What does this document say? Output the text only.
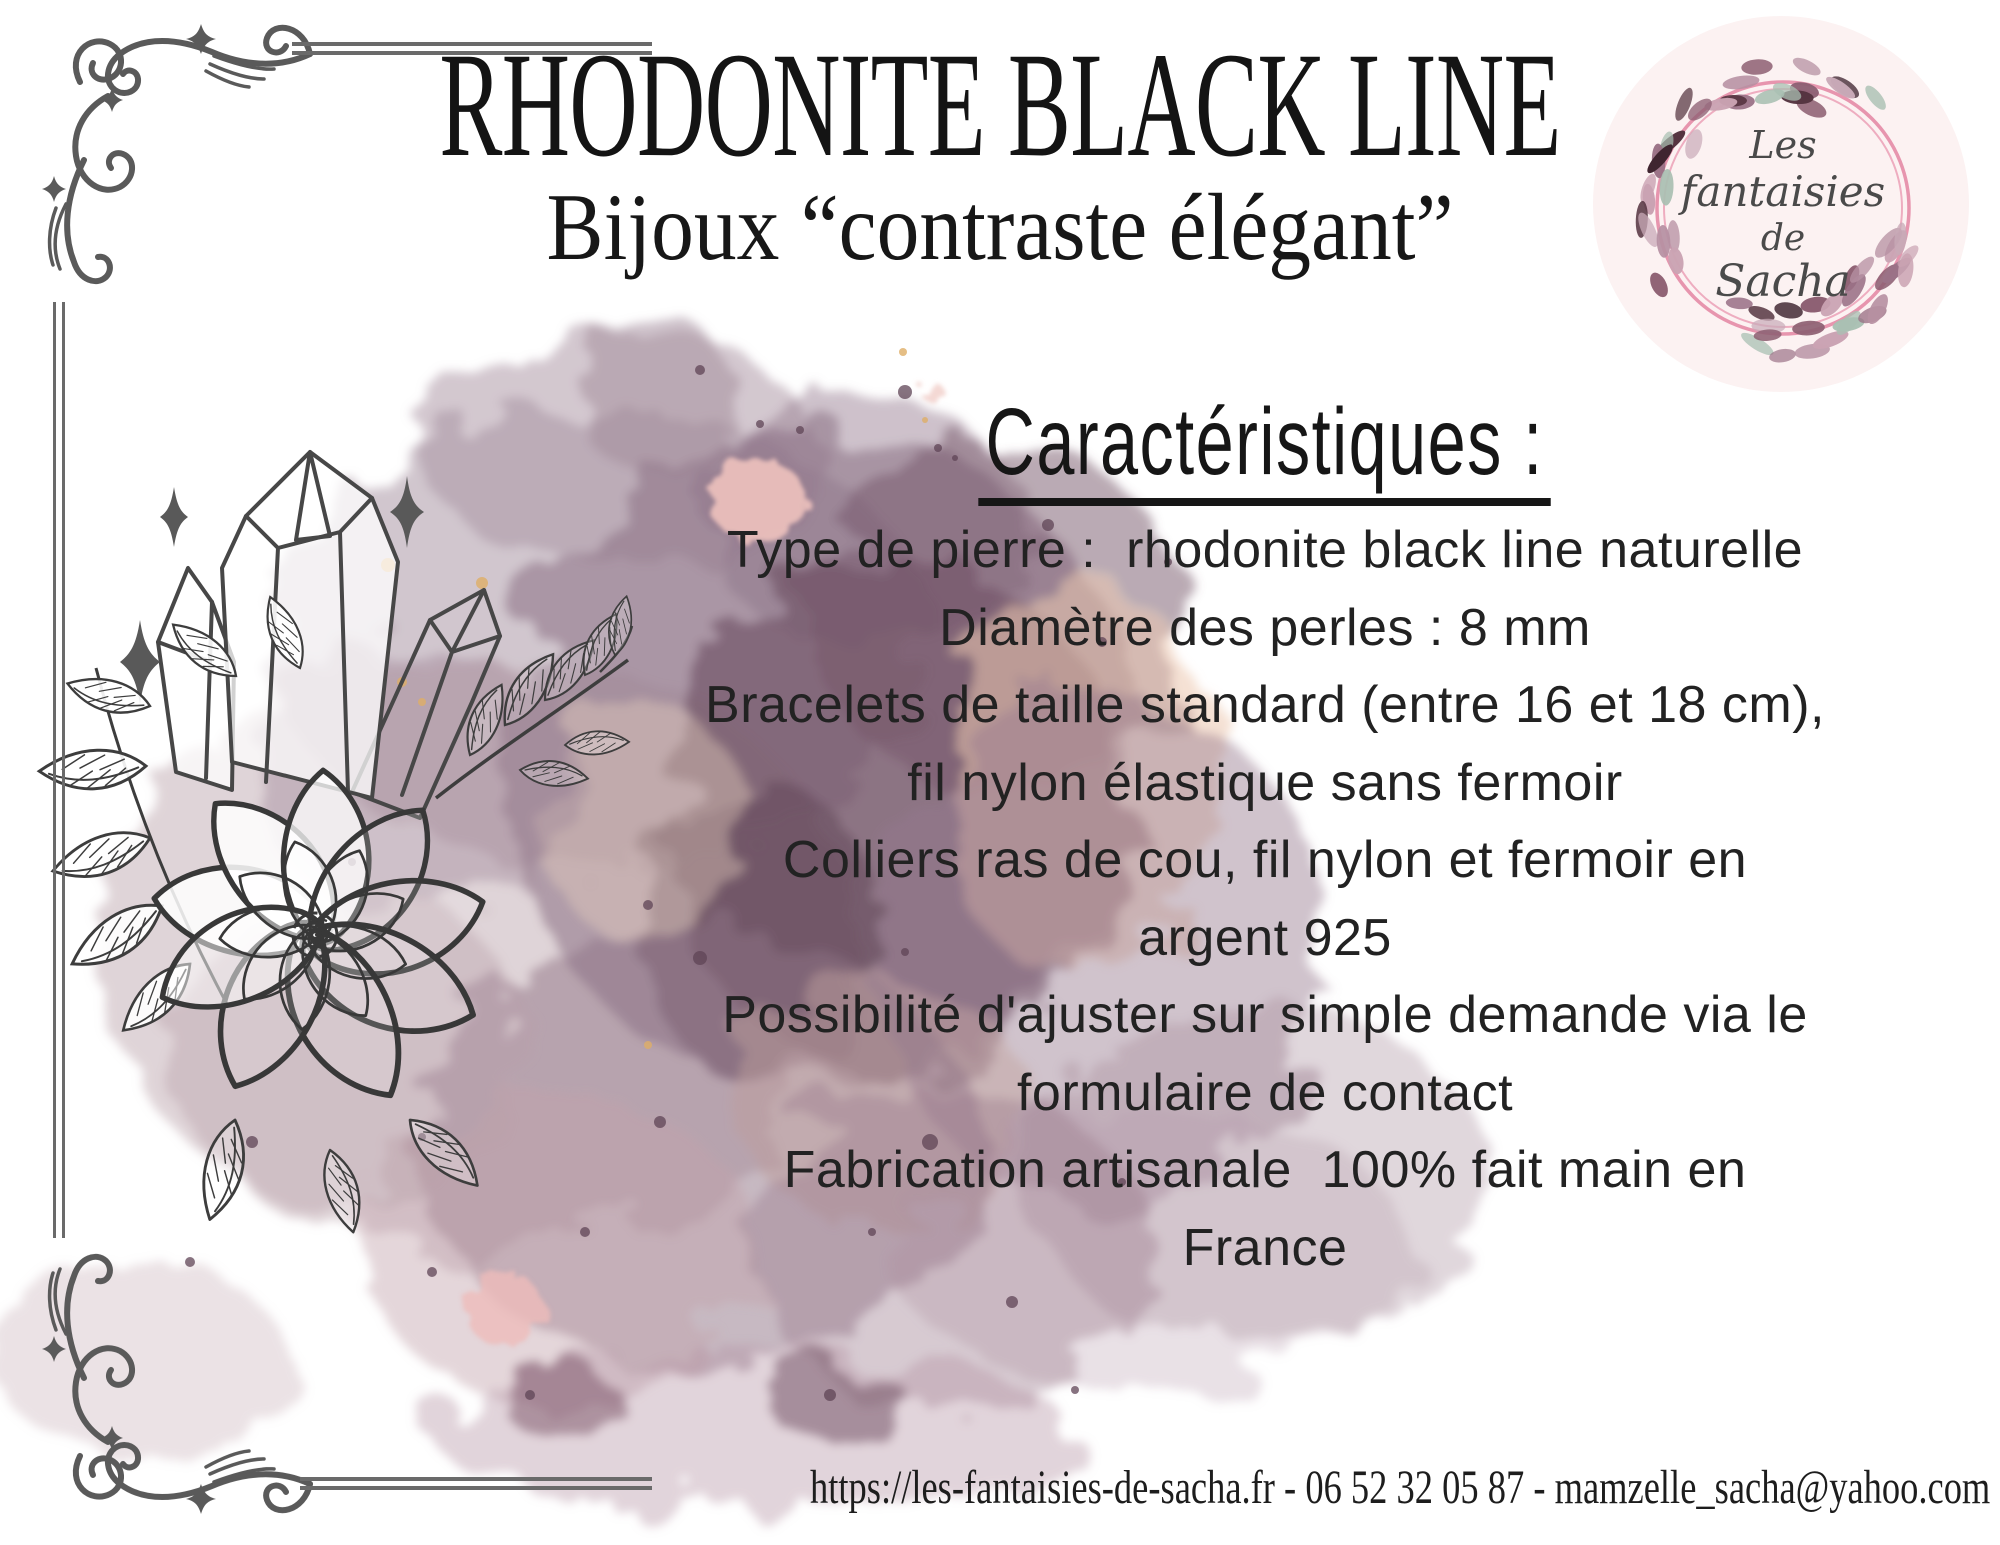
RHODONITE BLACK LINE
Bijoux “contraste élégant”
Les
fantaisies
de
Sacha
Caractéristiques :
Type de pierre :  rhodonite black line naturelle
Diamètre des perles : 8 mm
Bracelets de taille standard (entre 16 et 18 cm),
fil nylon élastique sans fermoir
Colliers ras de cou, fil nylon et fermoir en
argent 925
Possibilité d'ajuster sur simple demande via le
formulaire de contact
Fabrication artisanale  100% fait main en
France
https://les-fantaisies-de-sacha.fr - 06 52 32 05 87 - mamzelle_sacha@yahoo.com
